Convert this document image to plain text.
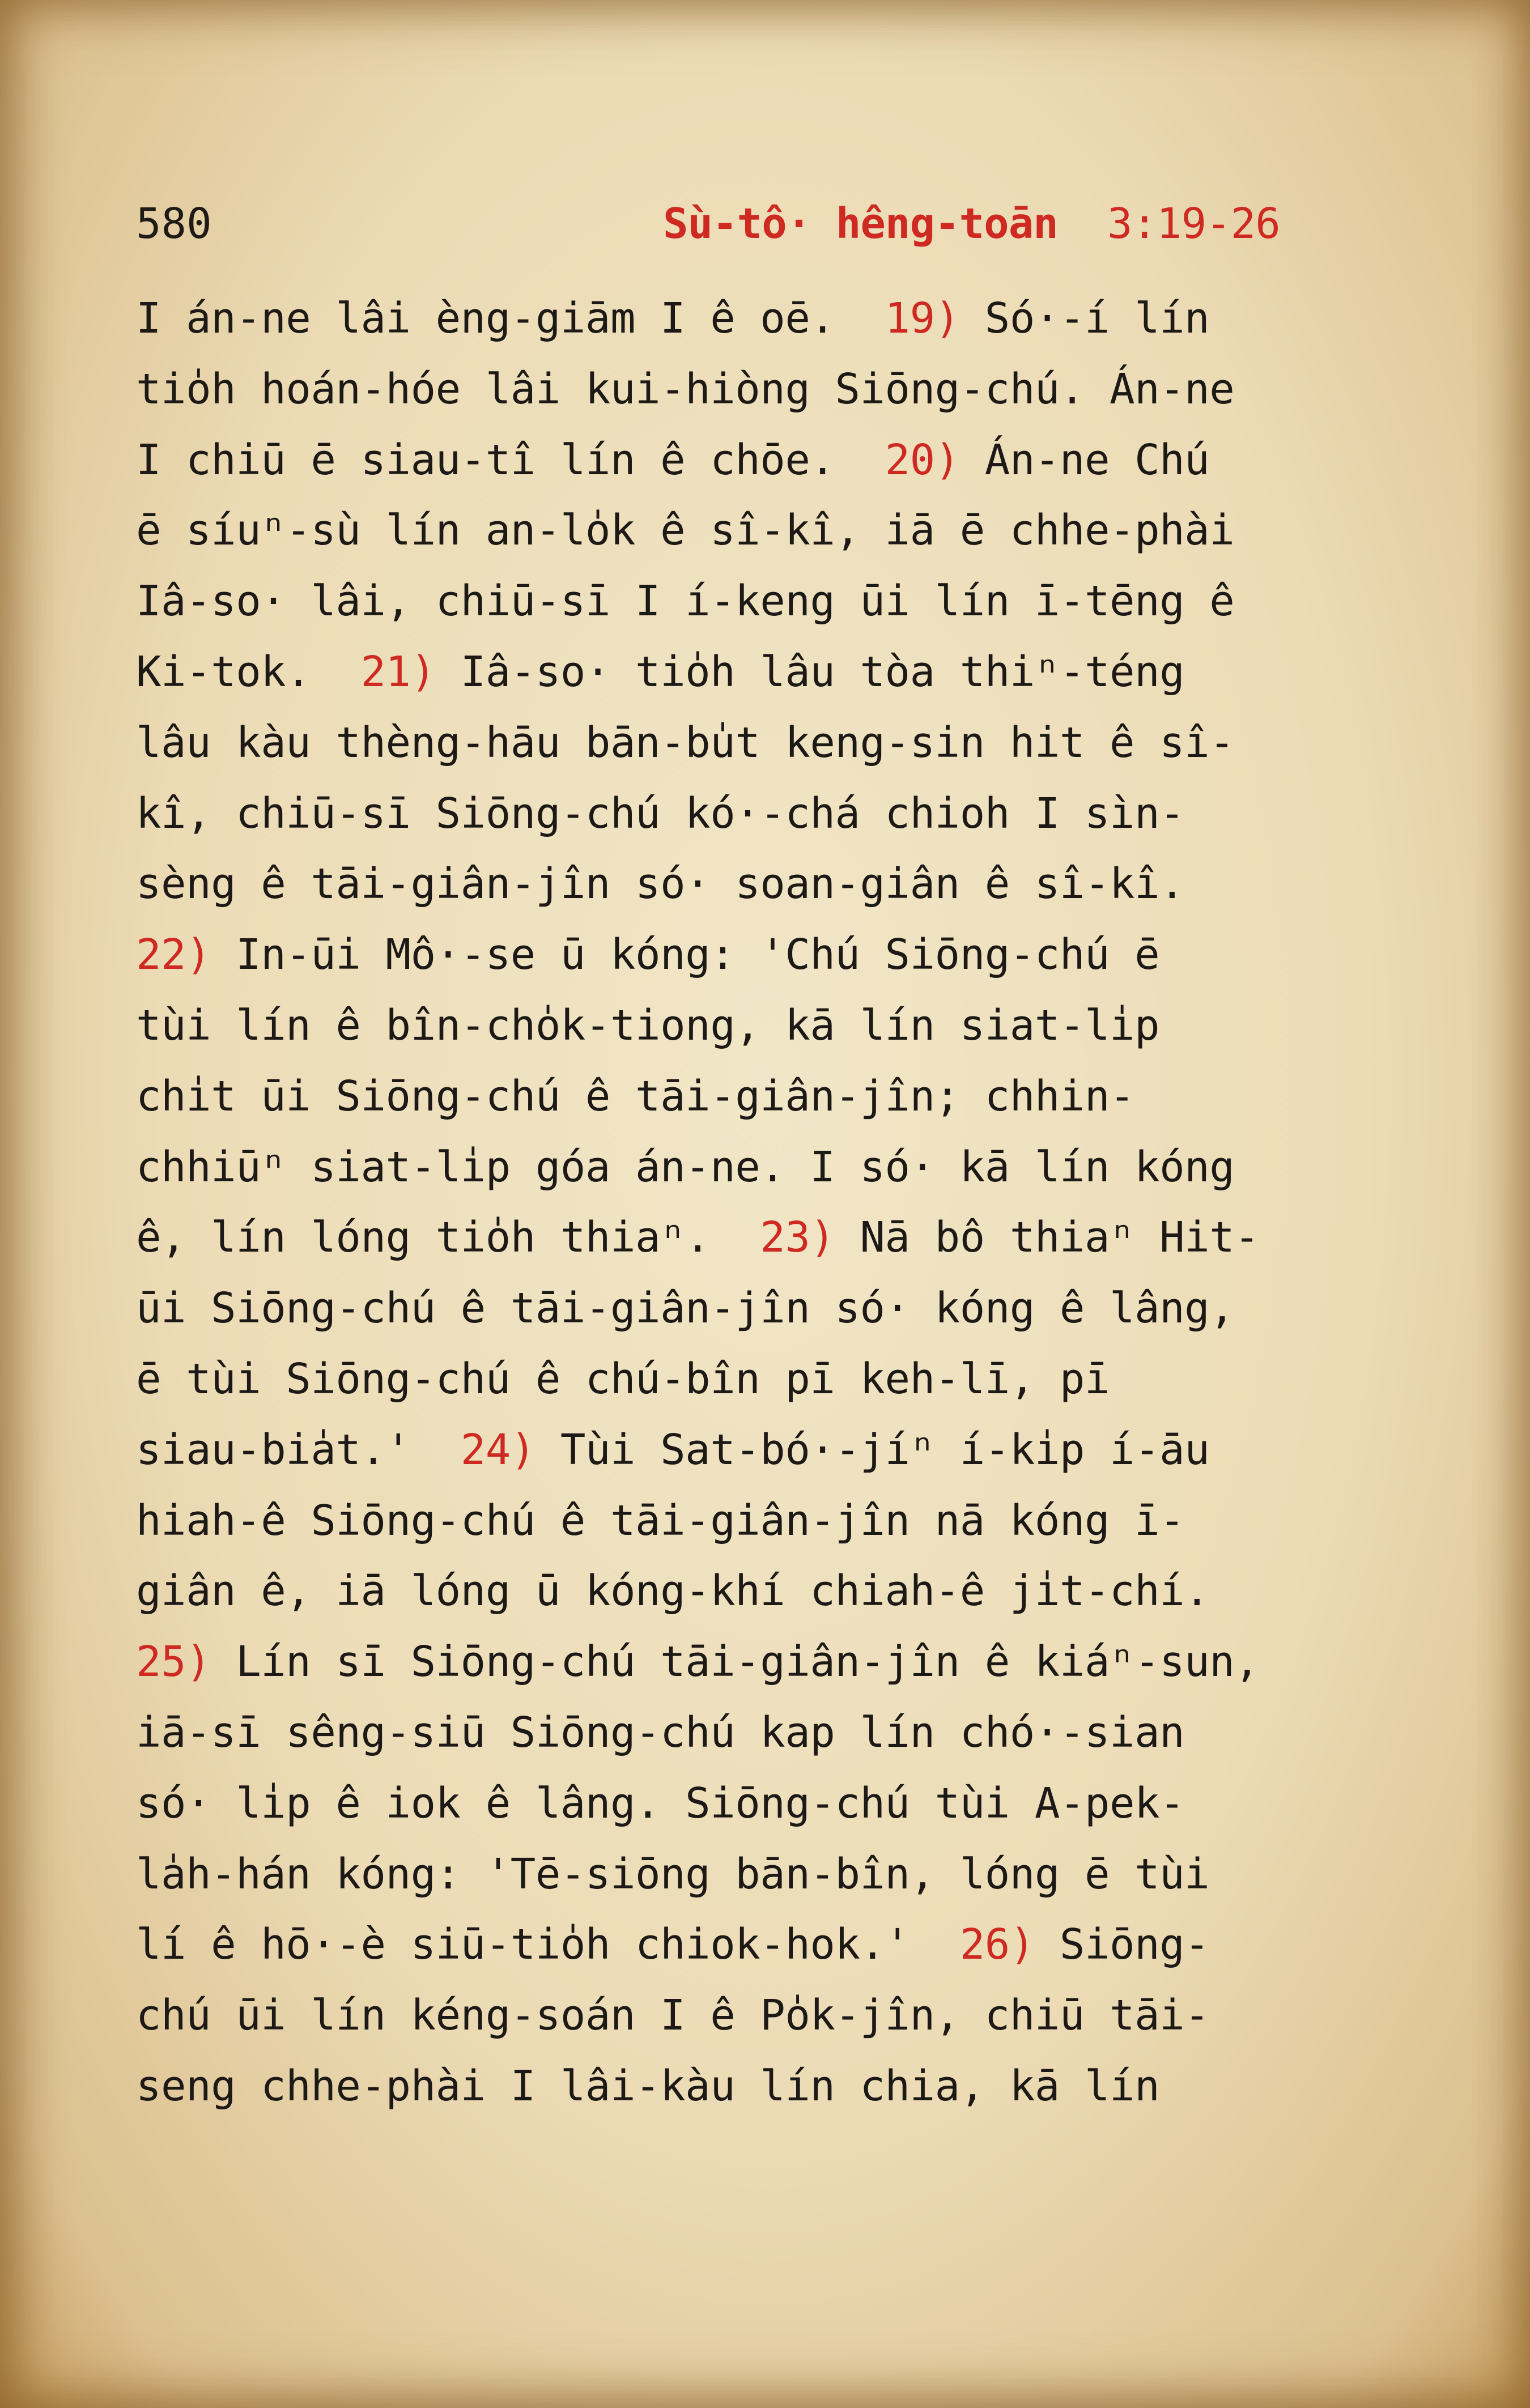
580	Sù-tô· hêng-toān 3:19-26
I án-ne lâi èng-giām I ê oē.  19) Só·-í lín
tio̍h hoán-hóe lâi kui-hiòng Siōng-chú. Án-ne
I chiū ē siau-tî lín ê chōe.  20) Án-ne Chú
ē síuⁿ-sù lín an-lo̍k ê sî-kî, iā ē chhe-phài
Iâ-so· lâi, chiū-sī I í-keng ūi lín ī-tēng ê
Ki-tok.  21) Iâ-so· tio̍h lâu tòa thiⁿ-téng
lâu kàu thèng-hāu bān-bu̍t keng-sin hit ê sî-
kî, chiū-sī Siōng-chú kó·-chá chioh I sìn-
sèng ê tāi-giân-jîn só· soan-giân ê sî-kî.
22) In-ūi Mô·-se ū kóng: 'Chú Siōng-chú ē
tùi lín ê bîn-cho̍k-tiong, kā lín siat-li̍p
chi̍t ūi Siōng-chú ê tāi-giân-jîn; chhin-
chhiūⁿ siat-li̍p góa án-ne. I só· kā lín kóng
ê, lín lóng tio̍h thiaⁿ.  23) Nā bô thiaⁿ Hit-
ūi Siōng-chú ê tāi-giân-jîn só· kóng ê lâng,
ē tùi Siōng-chú ê chú-bîn pī keh-lī, pī
siau-bia̍t.'  24) Tùi Sat-bó·-jíⁿ í-ki̍p í-āu
hiah-ê Siōng-chú ê tāi-giân-jîn nā kóng ī-
giân ê, iā lóng ū kóng-khí chiah-ê ji̍t-chí.
25) Lín sī Siōng-chú tāi-giân-jîn ê kiáⁿ-sun,
iā-sī sêng-siū Siōng-chú kap lín chó·-sian
só· li̍p ê iok ê lâng. Siōng-chú tùi A-pek-
la̍h-hán kóng: 'Tē-siōng bān-bîn, lóng ē tùi
lí ê hō·-è siū-tio̍h chiok-hok.'  26) Siōng-
chú ūi lín kéng-soán I ê Po̍k-jîn, chiū tāi-
seng chhe-phài I lâi-kàu lín chia, kā lín
